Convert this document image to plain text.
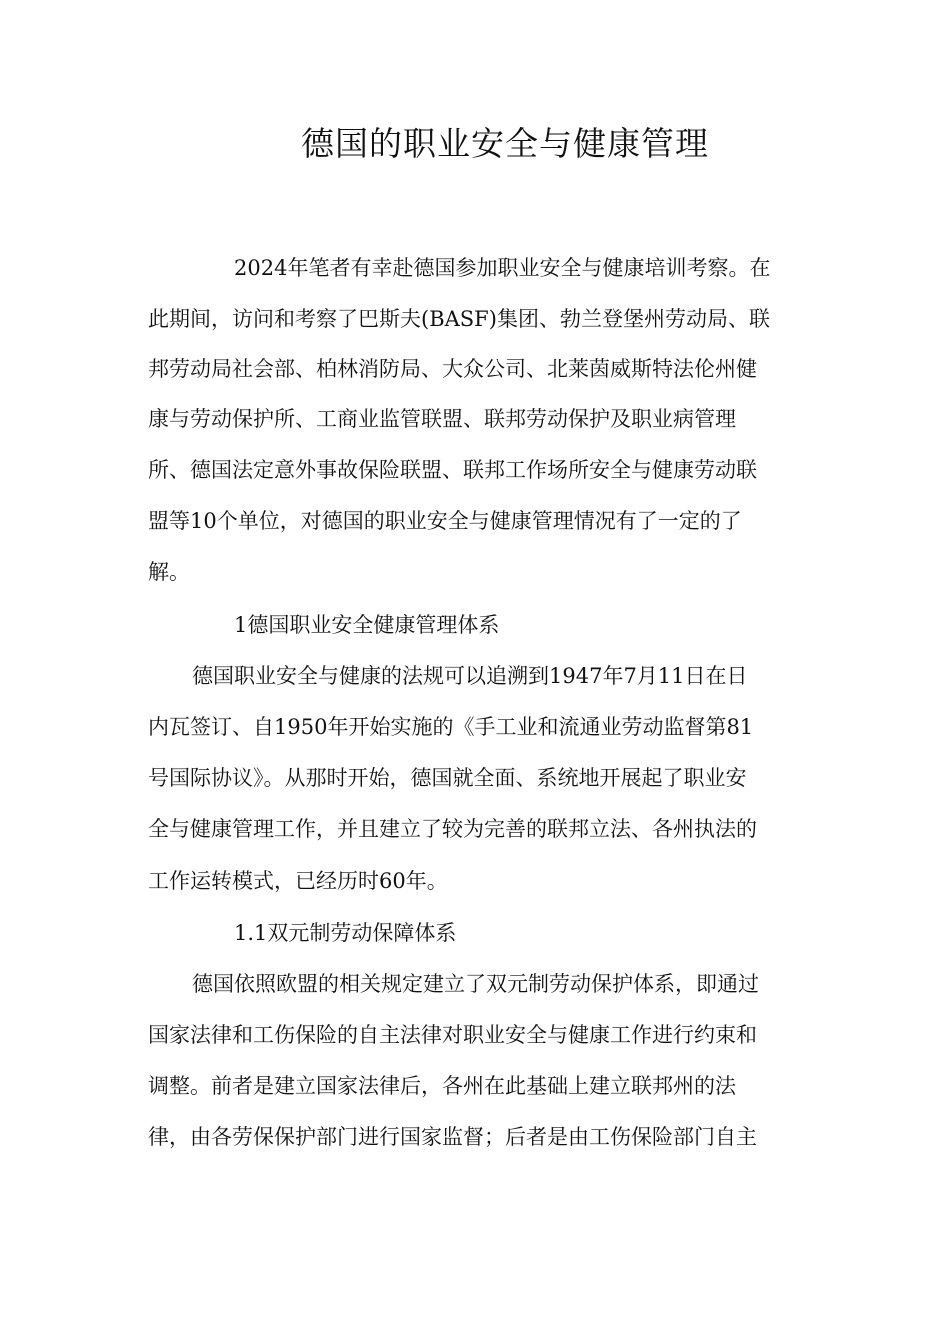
德国的职业安全与健康管理

2024年笔者有幸赴德国参加职业安全与健康培训考察。在

此期间，访问和考察了巴斯夫(BASF)集团、勃兰登堡州劳动局、联

邦劳动局社会部、柏林消防局、大众公司、北莱茵威斯特法伦州健

康与劳动保护所、工商业监管联盟、联邦劳动保护及职业病管理

所、德国法定意外事故保险联盟、联邦工作场所安全与健康劳动联

盟等10个单位，对德国的职业安全与健康管理情况有了一定的了

解。

1德国职业安全健康管理体系

德国职业安全与健康的法规可以追溯到1947年7月11日在日

内瓦签订、自1950年开始实施的《手工业和流通业劳动监督第81

号国际协议》。从那时开始，德国就全面、系统地开展起了职业安

全与健康管理工作，并且建立了较为完善的联邦立法、各州执法的

工作运转模式，已经历时60年。

1.1双元制劳动保障体系

德国依照欧盟的相关规定建立了双元制劳动保护体系，即通过

国家法律和工伤保险的自主法律对职业安全与健康工作进行约束和

调整。前者是建立国家法律后，各州在此基础上建立联邦州的法

律，由各劳保保护部门进行国家监督；后者是由工伤保险部门自主
